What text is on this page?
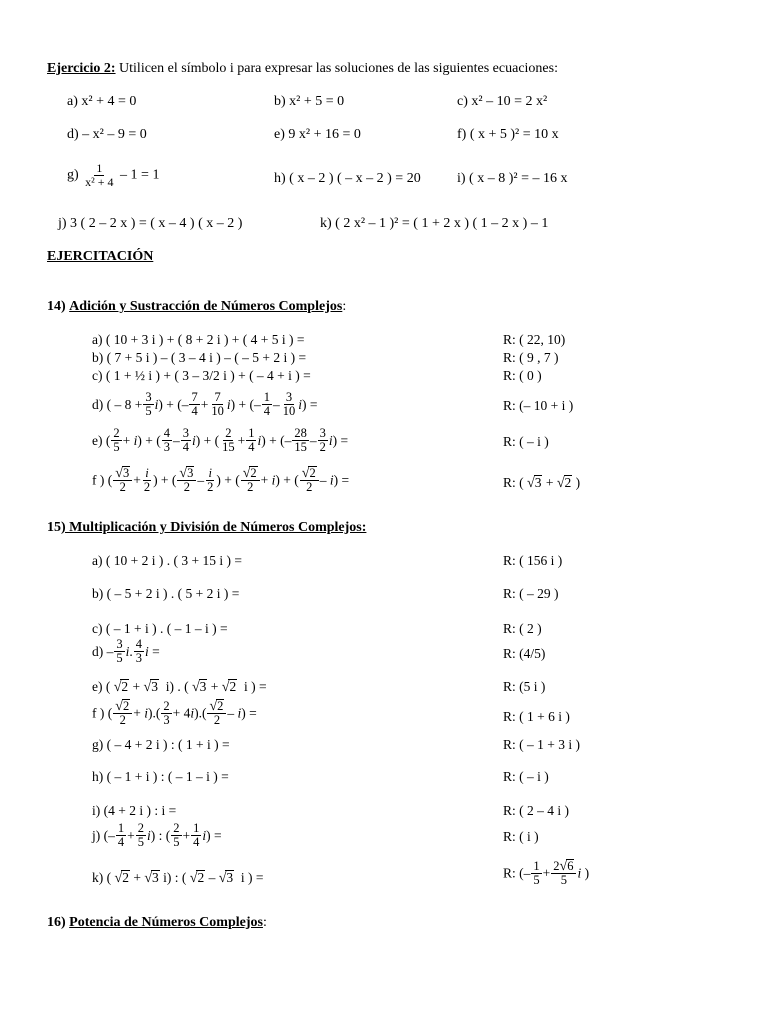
Ejercicio 2: Utilicen el símbolo i para expresar las soluciones de las siguientes ecuaciones:
a) x² + 4 = 0	b) x² + 5 = 0	c) x² – 10 = 2 x²
d) – x² – 9 = 0	e) 9 x² + 16 = 0	f) ( x + 5 )² = 10 x
$g) \frac{1}{\text{x² + 4}} - 1 = 1$	h) ( x – 2 ) ( – x – 2 ) = 20	i) ( x – 8 )² = – 16 x
j) 3 ( 2 – 2 x ) = ( x – 4 ) ( x – 2 )	k) ( 2 x² – 1 )² = ( 1 + 2 x ) ( 1 – 2 x ) – 1
EJERCITACIÓN
14) Adición y Sustracción de Números Complejos:
a) ( 10 + 3 i ) + ( 8 + 2 i ) + ( 4 + 5 i ) =	R: ( 22, 10)
b) ( 7 + 5 i ) – ( 3 – 4 i ) – ( – 5 + 2 i ) =	R: ( 9 , 7 )
c) ( 1 + ½ i ) + ( 3 – 3/2 i ) + ( – 4 + i ) =	R: ( 0 )
d) ( – $8 + \frac{3}{5} i$) + (– $\frac{7}{4} + \frac{7}{10} i$) + (– $\frac{1}{4} - \frac{3}{10} i$) =	R: (– 10 + i )
e) ( $\frac{2}{5} + i$) + ( $\frac{4}{3} - \frac{3}{4} i$) + ( $\frac{2}{15} + \frac{1}{4} i$) + (– $\frac{28}{15} - \frac{3}{2} i$) =	R: ( – i )
f ) ( $\frac{√3}{2} + \frac{i}{2}$ ) + ( $\frac{√3}{2} - \frac{i}{2}$ ) + ( $\frac{√2}{2} + i$) + ( $\frac{√2}{2} - i$) =	R: ( √3 + √2 )
15) Multiplicación y División de Números Complejos:
a) ( 10 + 2 i ) . ( 3 + 15 i ) =	R: ( 156 i )
b) ( – 5 + 2 i ) . ( 5 + 2 i ) =	R: ( – 29 )
c) ( – 1 + i ) . ( – 1 – i ) =	R: ( 2 )
$d) - \frac{3}{5} i$. $\frac{4}{3}$ i =	R: (4/5)
e) ( √2 + √3  i) . ( √3 + √2  i ) =	R: (5 i )
f ) ( $\frac{√2}{2} + i).( \frac{2}{3} + 4i).( \frac{√2}{2} - i)$ =	R: ( 1 + 6 i )
g) ( – 4 + 2 i ) : ( 1 + i ) =	R: ( – 1 + 3 i )
h) ( – 1 + i ) : ( – 1 – i ) =	R: ( – i )
i) (4 + 2 i ) : i =	R: ( 2 – 4 i )
j) (– $\frac{1}{4} + \frac{2}{5} i$) : ( $\frac{2}{5} + \frac{1}{4} i$) =	R: ( i )
k) ( √2 + √3 i) : ( √2 – √3  i ) =	R: (– $\frac{1}{5} + \frac{2√6}{5}$ i )
16) Potencia de Números Complejos:
